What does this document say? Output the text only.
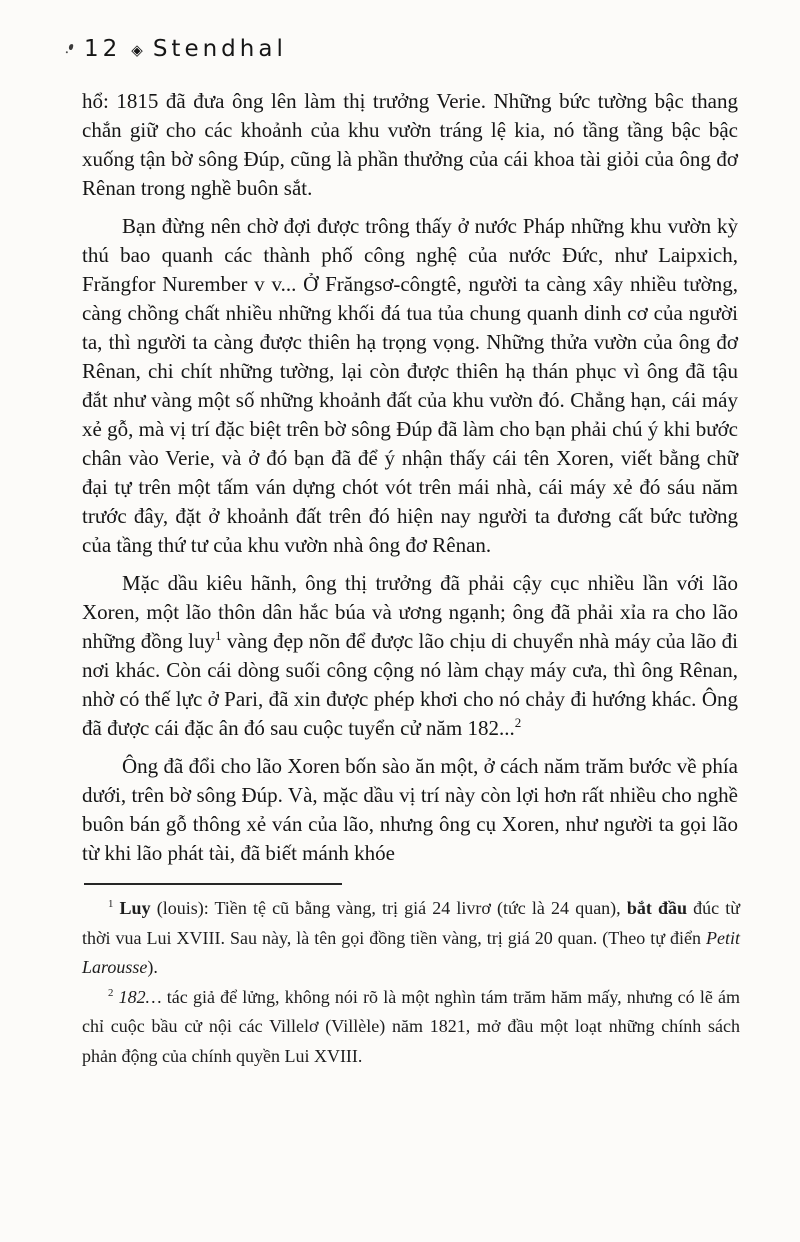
12 ◈ Stendhal

hổ: 1815 đã đưa ông lên làm thị trưởng Verie. Những bức tường bậc thang chắn giữ cho các khoảnh của khu vườn tráng lệ kia, nó tầng tầng bậc bậc xuống tận bờ sông Đúp, cũng là phần thưởng của cái khoa tài giỏi của ông đơ Rênan trong nghề buôn sắt.

Bạn đừng nên chờ đợi được trông thấy ở nước Pháp những khu vườn kỳ thú bao quanh các thành phố công nghệ của nước Đức, như Laipxich, Frăngfor Nurember v v... Ở Frăngsơ-côngtê, người ta càng xây nhiều tường, càng chồng chất nhiều những khối đá tua tủa chung quanh dinh cơ của người ta, thì người ta càng được thiên hạ trọng vọng. Những thửa vườn của ông đơ Rênan, chi chít những tường, lại còn được thiên hạ thán phục vì ông đã tậu đắt như vàng một số những khoảnh đất của khu vườn đó. Chẳng hạn, cái máy xẻ gỗ, mà vị trí đặc biệt trên bờ sông Đúp đã làm cho bạn phải chú ý khi bước chân vào Verie, và ở đó bạn đã để ý nhận thấy cái tên Xoren, viết bằng chữ đại tự trên một tấm ván dựng chót vót trên mái nhà, cái máy xẻ đó sáu năm trước đây, đặt ở khoảnh đất trên đó hiện nay người ta đương cất bức tường của tầng thứ tư của khu vườn nhà ông đơ Rênan.

Mặc dầu kiêu hãnh, ông thị trưởng đã phải cậy cục nhiều lần với lão Xoren, một lão thôn dân hắc búa và ương ngạnh; ông đã phải xỉa ra cho lão những đồng luy$^1$ vàng đẹp nõn để được lão chịu di chuyển nhà máy của lão đi nơi khác. Còn cái dòng suối công cộng nó làm chạy máy cưa, thì ông Rênan, nhờ có thế lực ở Pari, đã xin được phép khơi cho nó chảy đi hướng khác. Ông đã được cái đặc ân đó sau cuộc tuyển cử năm 182...$^2$

Ông đã đổi cho lão Xoren bốn sào ăn một, ở cách năm trăm bước về phía dưới, trên bờ sông Đúp. Và, mặc dầu vị trí này còn lợi hơn rất nhiều cho nghề buôn bán gỗ thông xẻ ván của lão, nhưng ông cụ Xoren, như người ta gọi lão từ khi lão phát tài, đã biết mánh khóe

$^1$ Luy (louis): Tiền tệ cũ bằng vàng, trị giá 24 livrơ (tức là 24 quan), bắt đầu đúc từ thời vua Lui XVIII. Sau này, là tên gọi đồng tiền vàng, trị giá 20 quan. (Theo tự điển Petit Larousse).

$^2$ 182… tác giả để lửng, không nói rõ là một nghìn tám trăm hăm mấy, nhưng có lẽ ám chỉ cuộc bầu cử nội các Villelơ (Villèle) năm 1821, mở đầu một loạt những chính sách phản động của chính quyền Lui XVIII.
